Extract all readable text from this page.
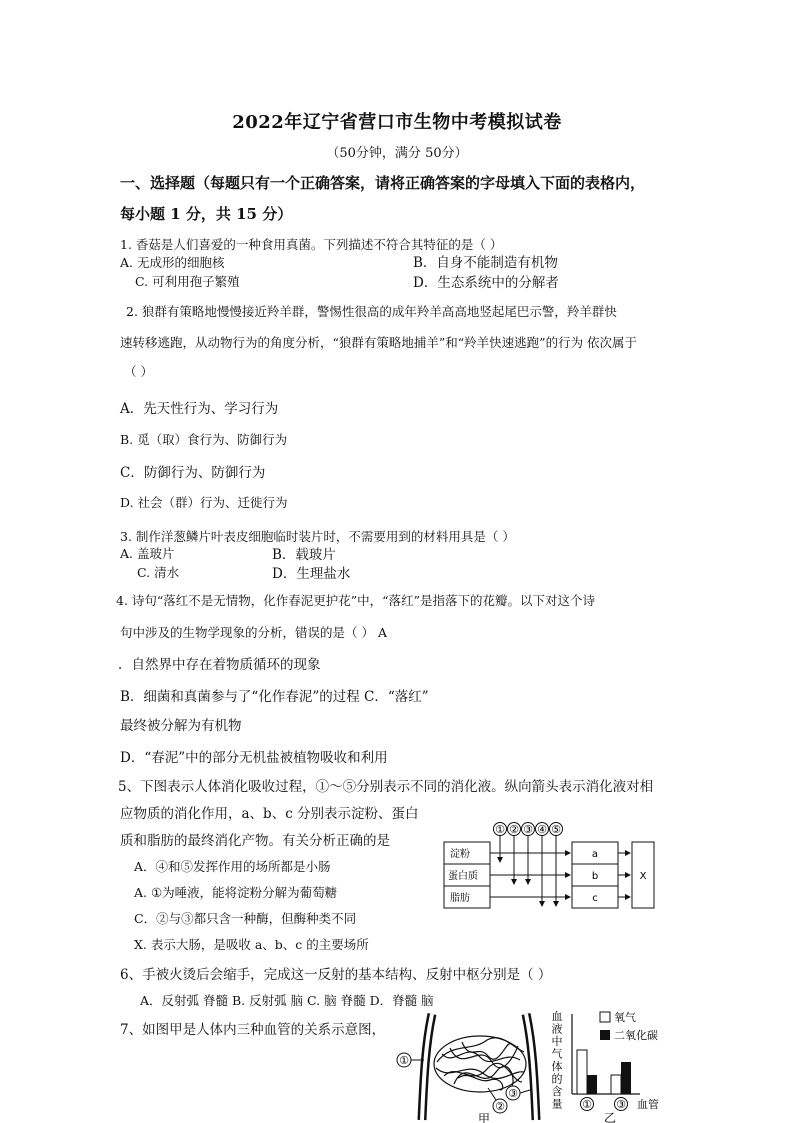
2022年辽宁省营口市生物中考模拟试卷
（50分钟，满分 50分）
一、选择题（每题只有一个正确答案，请将正确答案的字母填入下面的表格内，
每小题 1 分，共 15 分）
1. 香菇是人们喜爱的一种食用真菌。下列描述不符合其特征的是（ ）
A. 无成形的细胞核	B．自身不能制造有机物
C. 可利用孢子繁殖	D．生态系统中的分解者
2. 狼群有策略地慢慢接近羚羊群，警惕性很高的成年羚羊高高地竖起尾巴示警，羚羊群快
速转移逃跑，从动物行为的角度分析，“狼群有策略地捕羊”和“羚羊快速逃跑”的行为 依次属于
（ ）
A．先天性行为、学习行为
B. 觅（取）食行为、防御行为
C．防御行为、防御行为
D. 社会（群）行为、迁徙行为
3. 制作洋葱鳞片叶表皮细胞临时装片时，不需要用到的材料用具是（ ）
A. 盖玻片	B．载玻片
C. 清水	D．生理盐水
4. 诗句“落红不是无情物，化作春泥更护花”中，“落红”是指落下的花瓣。以下对这个诗
句中涉及的生物学现象的分析，错误的是（ ） A
．自然界中存在着物质循环的现象
B．细菌和真菌参与了“化作春泥”的过程 C．“落红”
最终被分解为有机物
D．“春泥”中的部分无机盐被植物吸收和利用
5、下图表示人体消化吸收过程，①～⑤分别表示不同的消化液。纵向箭头表示消化液对相
应物质的消化作用，a、b、c 分别表示淀粉、蛋白
质和脂肪的最终消化产物。有关分析正确的是
A．④和⑤发挥作用的场所都是小肠
A. ①为唾液，能将淀粉分解为葡萄糖
C．②与③都只含一种酶，但酶种类不同
X. 表示大肠，是吸收 a、b、c 的主要场所
① ② ③ ④ ⑤
淀粉
蛋白质
脂肪
a
b
c
X
6、手被火烫后会缩手，完成这一反射的基本结构、反射中枢分别是（ ）
A．反射弧 脊髓 B. 反射弧 脑 C. 脑 脊髓 D．脊髓 脑
7、如图甲是人体内三种血管的关系示意图，
①
②
③
甲
血液中气体的含量
氧气
二氧化碳
① ③ 血管
乙
